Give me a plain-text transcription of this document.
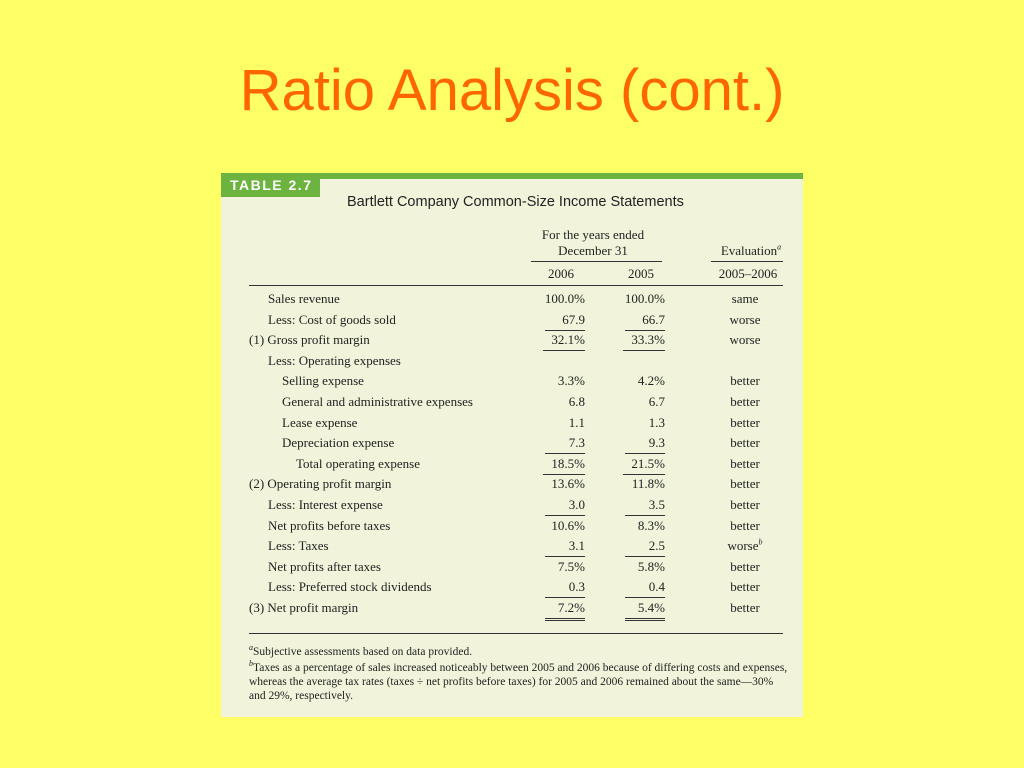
Ratio Analysis (cont.)
TABLE 2.7
Bartlett Company Common-Size Income Statements
For the years ended
December 31	Evaluation$^a$
2006	2005	2005–2006
Sales revenue	100.0%	100.0%	same
Less: Cost of goods sold	67.9	66.7	worse
(1) Gross profit margin	32.1%	33.3%	worse
Less: Operating expenses
Selling expense	3.3%	4.2%	better
General and administrative expenses	6.8	6.7	better
Lease expense	1.1	1.3	better
Depreciation expense	7.3	9.3	better
Total operating expense	18.5%	21.5%	better
(2) Operating profit margin	13.6%	11.8%	better
Less: Interest expense	3.0	3.5	better
Net profits before taxes	10.6%	8.3%	better
Less: Taxes	3.1	2.5	worse$^b$
Net profits after taxes	7.5%	5.8%	better
Less: Preferred stock dividends	0.3	0.4	better
(3) Net profit margin	7.2%	5.4%	better
$^a$Subjective assessments based on data provided.
$^b$Taxes as a percentage of sales increased noticeably between 2005 and 2006 because of differing costs and expenses, whereas the average tax rates (taxes ÷ net profits before taxes) for 2005 and 2006 remained about the same—30% and 29%, respectively.
